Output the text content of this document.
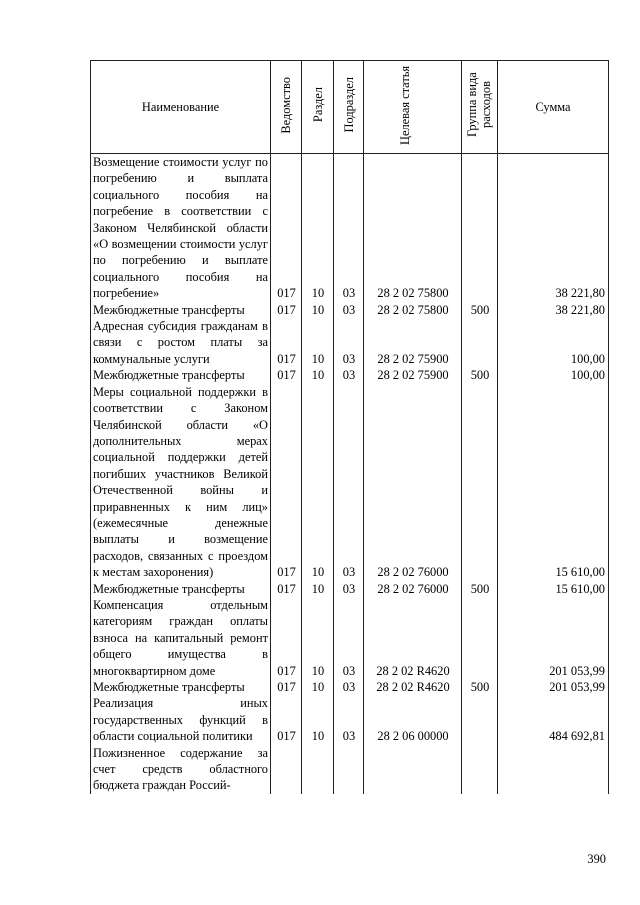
Наименование	Ведомство	Раздел	Подраздел	Целевая статья	Группа вида расходов	Сумма
Возмещение стоимости услуг по погребению и выплата социального пособия на погребение в соответствии с Законом Челябинской области «О возмещении стоимости услуг по погребению и выплате социального пособия на погребение»	017	10	03	28 2 02 75800		38 221,80
Межбюджетные трансферты	017	10	03	28 2 02 75800	500	38 221,80
Адресная субсидия гражданам в связи с ростом платы за коммунальные услуги	017	10	03	28 2 02 75900		100,00
Межбюджетные трансферты	017	10	03	28 2 02 75900	500	100,00
Меры социальной поддержки в соответствии с Законом Челябинской области «О дополнительных мерах социальной поддержки детей погибших участников Великой Отечественной войны и приравненных к ним лиц» (ежемесячные денежные выплаты и возмещение расходов, связанных с проездом к местам захоронения)	017	10	03	28 2 02 76000		15 610,00
Межбюджетные трансферты	017	10	03	28 2 02 76000	500	15 610,00
Компенсация отдельным категориям граждан оплаты взноса на капитальный ремонт общего имущества в многоквартирном доме	017	10	03	28 2 02 R4620		201 053,99
Межбюджетные трансферты	017	10	03	28 2 02 R4620	500	201 053,99
Реализация иных государственных функций в области социальной политики	017	10	03	28 2 06 00000		484 692,81
Пожизненное содержание за счет средств областного бюджета граждан Россий-						
390
